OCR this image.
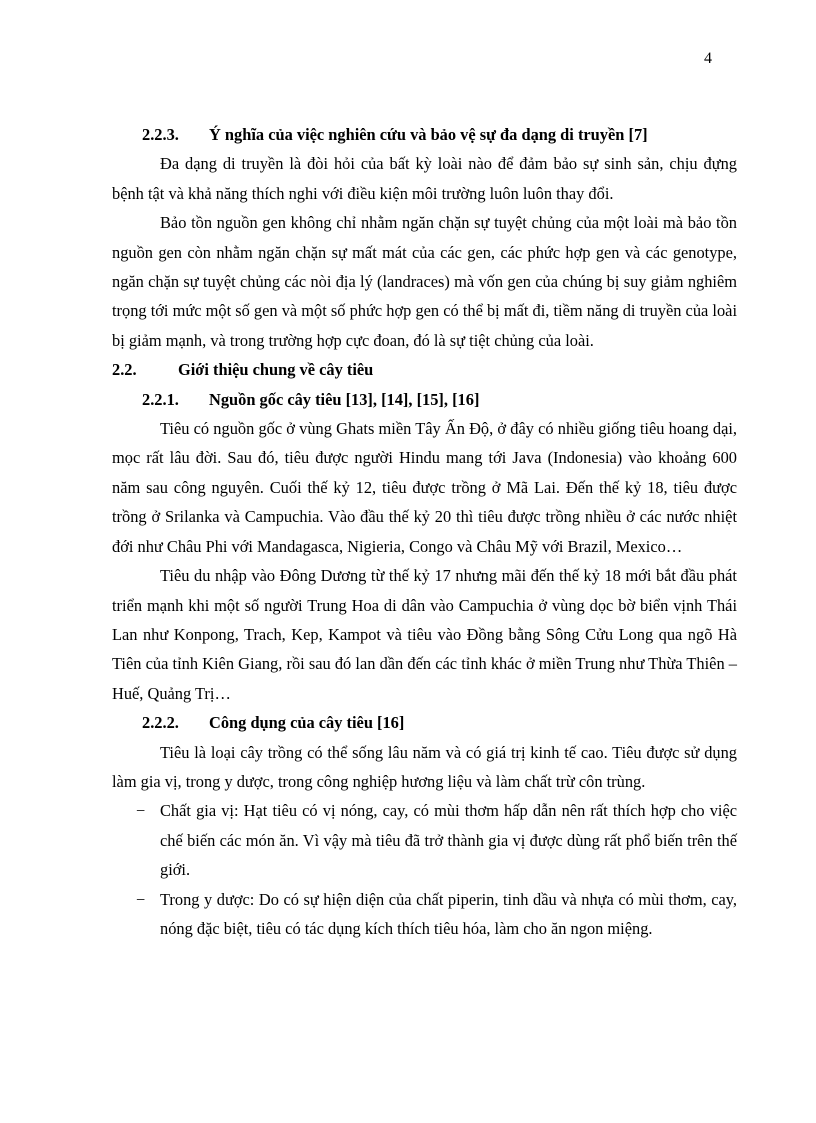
4

2.2.3. Ý nghĩa của việc nghiên cứu và bảo vệ sự đa dạng di truyền [7]

Đa dạng di truyền là đòi hỏi của bất kỳ loài nào để đảm bảo sự sinh sản, chịu đựng bệnh tật và khả năng thích nghi với điều kiện môi trường luôn luôn thay đổi.

Bảo tồn nguồn gen không chỉ nhằm ngăn chặn sự tuyệt chủng của một loài mà bảo tồn nguồn gen còn nhằm ngăn chặn sự mất mát của các gen, các phức hợp gen và các genotype, ngăn chặn sự tuyệt chủng các nòi địa lý (landraces) mà vốn gen của chúng bị suy giảm nghiêm trọng tới mức một số gen và một số phức hợp gen có thể bị mất đi, tiềm năng di truyền của loài bị giảm mạnh, và trong trường hợp cực đoan, đó là sự tiệt chủng của loài.

2.2.	Giới thiệu chung về cây tiêu

2.2.1. Nguồn gốc cây tiêu [13], [14], [15], [16]

Tiêu có nguồn gốc ở vùng Ghats miền Tây Ấn Độ, ở đây có nhiều giống tiêu hoang dại, mọc rất lâu đời. Sau đó, tiêu được người Hindu mang tới Java (Indonesia) vào khoảng 600 năm sau công nguyên. Cuối thế kỷ 12, tiêu được trồng ở Mã Lai. Đến thế kỷ 18, tiêu được trồng ở Srilanka và Campuchia. Vào đầu thế kỷ 20 thì tiêu được trồng nhiều ở các nước nhiệt đới như Châu Phi với Mandagasca, Nigieria, Congo và Châu Mỹ với Brazil, Mexico…

Tiêu du nhập vào Đông Dương từ thế kỷ 17 nhưng mãi đến thế kỷ 18 mới bắt đầu phát triển mạnh khi một số người Trung Hoa di dân vào Campuchia ở vùng dọc bờ biển vịnh Thái Lan như Konpong, Trach, Kep, Kampot và tiêu vào Đồng bằng Sông Cửu Long qua ngõ Hà Tiên của tỉnh Kiên Giang, rồi sau đó lan dần đến các tỉnh khác ở miền Trung như Thừa Thiên – Huế, Quảng Trị…

2.2.2. Công dụng của cây tiêu [16]

Tiêu là loại cây trồng có thể sống lâu năm và có giá trị kinh tế cao. Tiêu được sử dụng làm gia vị, trong y dược, trong công nghiệp hương liệu và làm chất trừ côn trùng.

− Chất gia vị: Hạt tiêu có vị nóng, cay, có mùi thơm hấp dẫn nên rất thích hợp cho việc chế biến các món ăn. Vì vậy mà tiêu đã trở thành gia vị được dùng rất phổ biến trên thế giới.

− Trong y dược: Do có sự hiện diện của chất piperin, tinh dầu và nhựa có mùi thơm, cay, nóng đặc biệt, tiêu có tác dụng kích thích tiêu hóa, làm cho ăn ngon miệng.
